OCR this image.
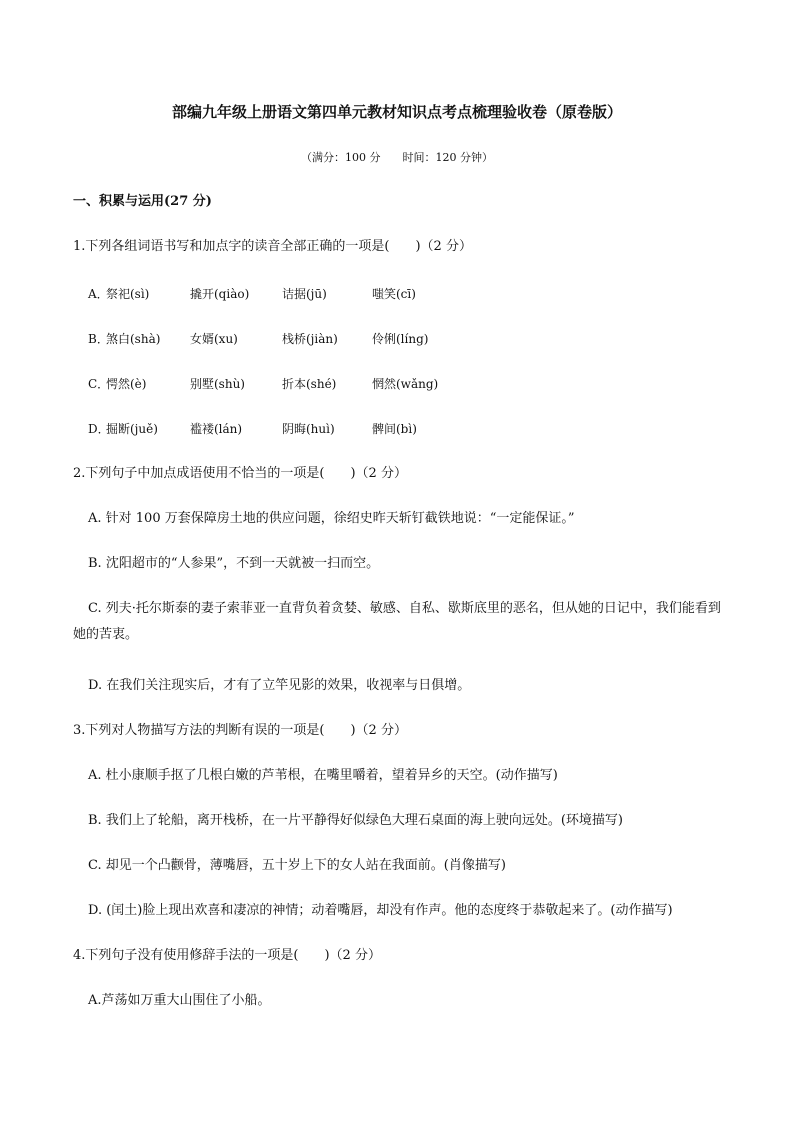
部编九年级上册语文第四单元教材知识点考点梳理验收卷（原卷版）
（满分：100 分　　时间：120 分钟）
一、积累与运用(27 分)
1.下列各组词语书写和加点字的读音全部正确的一项是(　　)（2 分）
A．
祭祀(sì)	撬开(qiào)	诘据(jū)	嗤笑(cī)
B．
煞白(shà) 女婿(xu)	栈桥(jiàn)	伶俐(líng)
C．
愕然(è)	别墅(shù)	折本(shé)	惘然(wǎng)
D．
掘断(juě)	褴褛(lán)	阴晦(huì)	髀间(bì)
2.下列句子中加点成语使用不恰当的一项是(　　)（2 分）
A. 针对 100 万套保障房土地的供应问题，徐绍史昨天斩钉截铁地说：“一定能保证。”
B. 沈阳超市的“人参果”，不到一天就被一扫而空。
C. 列夫·托尔斯泰的妻子索菲亚一直背负着贪婪、敏感、自私、歇斯底里的恶名，但从她的日记中，我们能看到她的苦衷。
D. 在我们关注现实后，才有了立竿见影的效果，收视率与日俱增。
3.下列对人物描写方法的判断有误的一项是(　　)（2 分）
A. 杜小康顺手抠了几根白嫩的芦苇根，在嘴里嚼着，望着异乡的天空。(动作描写)
B. 我们上了轮船，离开栈桥，在一片平静得好似绿色大理石桌面的海上驶向远处。(环境描写)
C. 却见一个凸颧骨，薄嘴唇，五十岁上下的女人站在我面前。(肖像描写)
D. (闰土)脸上现出欢喜和凄凉的神情；动着嘴唇，却没有作声。他的态度终于恭敬起来了。(动作描写)
4.下列句子没有使用修辞手法的一项是(　　)（2 分）
A.芦荡如万重大山围住了小船。
